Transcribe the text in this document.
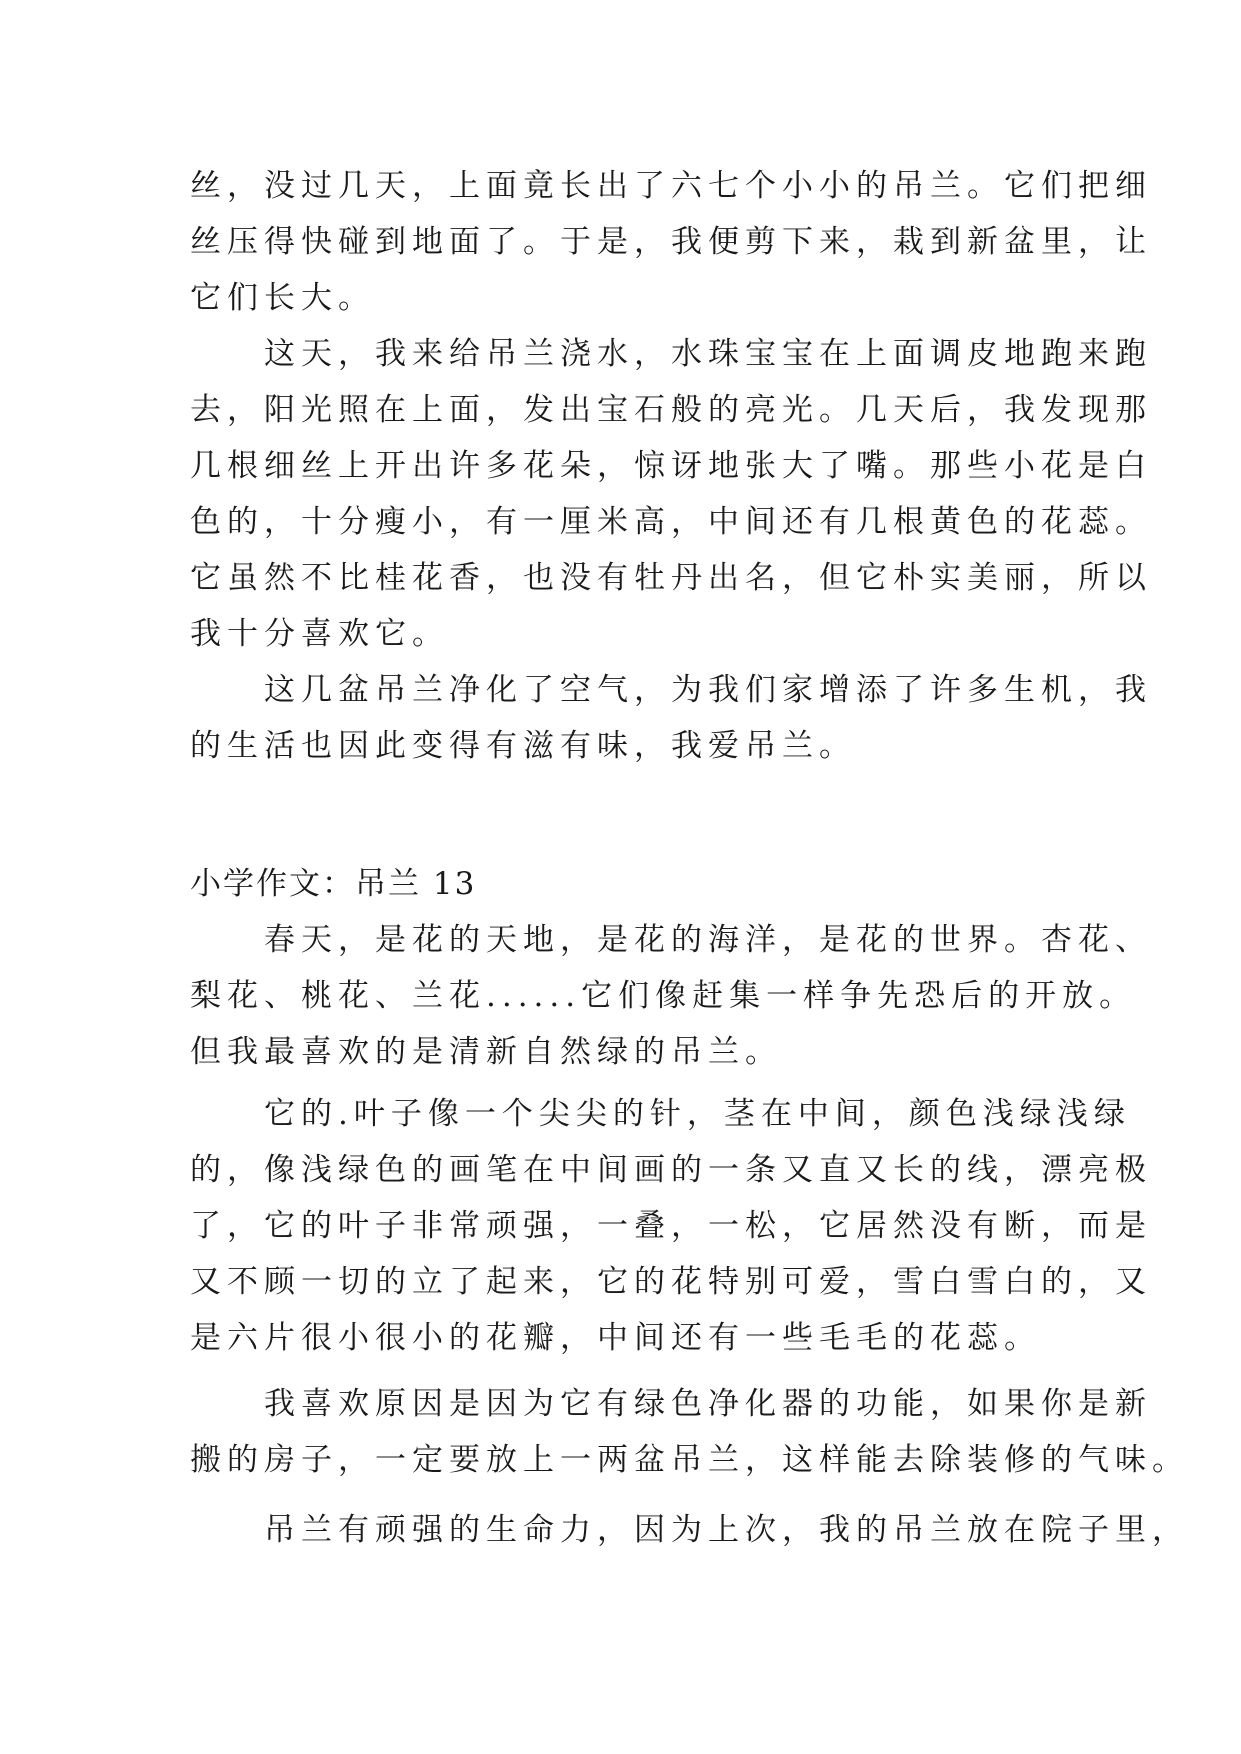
丝，没过几天，上面竟长出了六七个小小的吊兰。它们把细
丝压得快碰到地面了。于是，我便剪下来，栽到新盆里，让
它们长大。
　　这天，我来给吊兰浇水，水珠宝宝在上面调皮地跑来跑
去，阳光照在上面，发出宝石般的亮光。几天后，我发现那
几根细丝上开出许多花朵，惊讶地张大了嘴。那些小花是白
色的，十分瘦小，有一厘米高，中间还有几根黄色的花蕊。
它虽然不比桂花香，也没有牡丹出名，但它朴实美丽，所以
我十分喜欢它。
　　这几盆吊兰净化了空气，为我们家增添了许多生机，我
的生活也因此变得有滋有味，我爱吊兰。
小学作文：吊兰 13
　　春天，是花的天地，是花的海洋，是花的世界。杏花、
梨花、桃花、兰花......它们像赶集一样争先恐后的开放。
但我最喜欢的是清新自然绿的吊兰。
　　它的.叶子像一个尖尖的针，茎在中间，颜色浅绿浅绿
的，像浅绿色的画笔在中间画的一条又直又长的线，漂亮极
了，它的叶子非常顽强，一叠，一松，它居然没有断，而是
又不顾一切的立了起来，它的花特别可爱，雪白雪白的，又
是六片很小很小的花瓣，中间还有一些毛毛的花蕊。
　　我喜欢原因是因为它有绿色净化器的功能，如果你是新
搬的房子，一定要放上一两盆吊兰，这样能去除装修的气味。
　　吊兰有顽强的生命力，因为上次，我的吊兰放在院子里，
